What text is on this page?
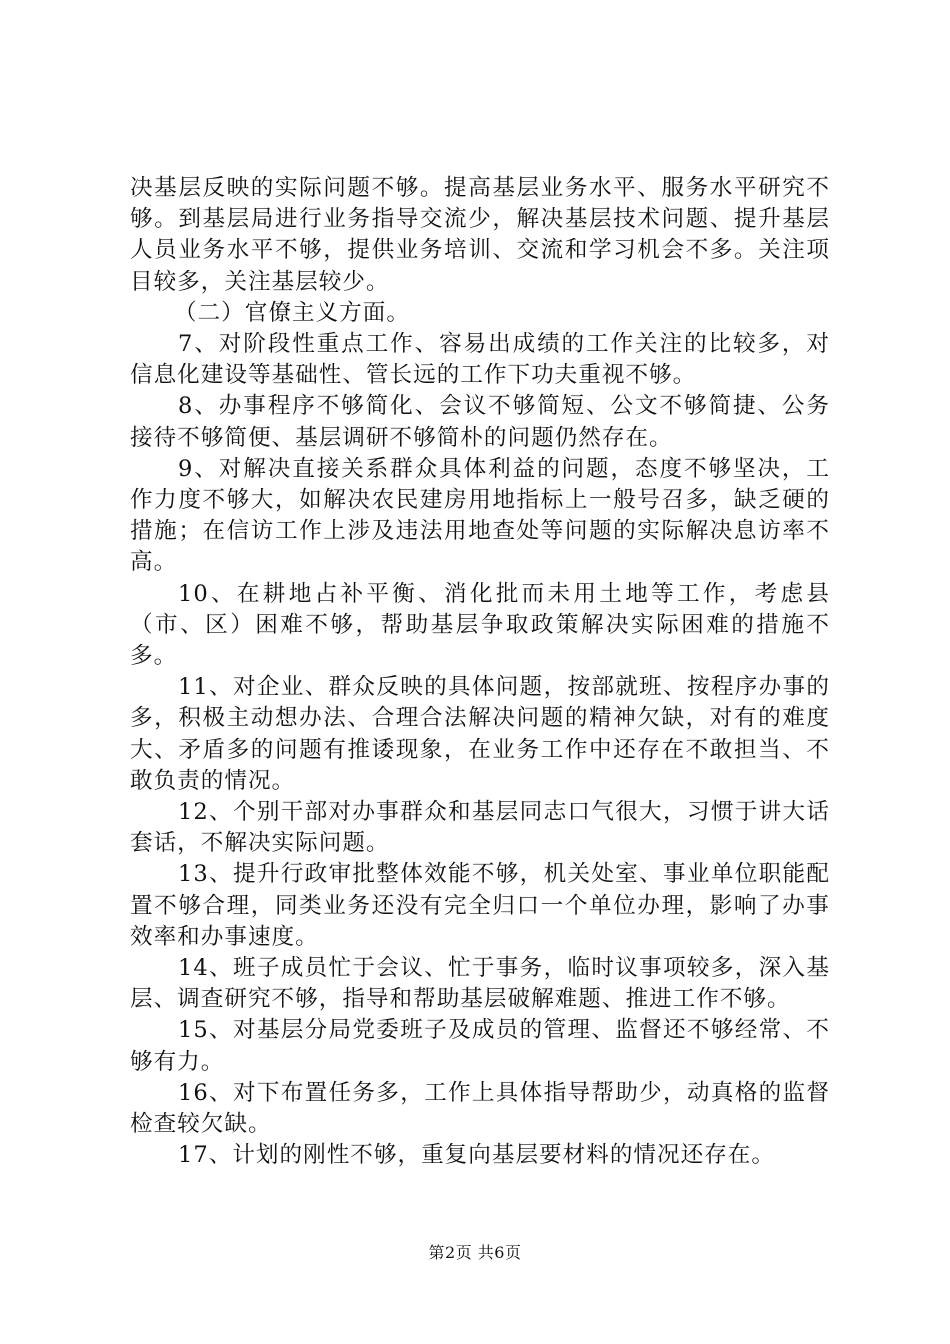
决基层反映的实际问题不够。提高基层业务水平、服务水平研究不够。到基层局进行业务指导交流少，解决基层技术问题、提升基层人员业务水平不够，提供业务培训、交流和学习机会不多。关注项目较多，关注基层较少。

（二）官僚主义方面。

7、对阶段性重点工作、容易出成绩的工作关注的比较多，对信息化建设等基础性、管长远的工作下功夫重视不够。

8、办事程序不够简化、会议不够简短、公文不够简捷、公务接待不够简便、基层调研不够简朴的问题仍然存在。

9、对解决直接关系群众具体利益的问题，态度不够坚决，工作力度不够大，如解决农民建房用地指标上一般号召多，缺乏硬的措施；在信访工作上涉及违法用地查处等问题的实际解决息访率不高。

10、在耕地占补平衡、消化批而未用土地等工作，考虑县（市、区）困难不够，帮助基层争取政策解决实际困难的措施不多。

11、对企业、群众反映的具体问题，按部就班、按程序办事的多，积极主动想办法、合理合法解决问题的精神欠缺，对有的难度大、矛盾多的问题有推诿现象，在业务工作中还存在不敢担当、不敢负责的情况。

12、个别干部对办事群众和基层同志口气很大，习惯于讲大话套话，不解决实际问题。

13、提升行政审批整体效能不够，机关处室、事业单位职能配置不够合理，同类业务还没有完全归口一个单位办理，影响了办事效率和办事速度。

14、班子成员忙于会议、忙于事务，临时议事项较多，深入基层、调查研究不够，指导和帮助基层破解难题、推进工作不够。

15、对基层分局党委班子及成员的管理、监督还不够经常、不够有力。

16、对下布置任务多，工作上具体指导帮助少，动真格的监督检查较欠缺。

17、计划的刚性不够，重复向基层要材料的情况还存在。

第2页 共6页
